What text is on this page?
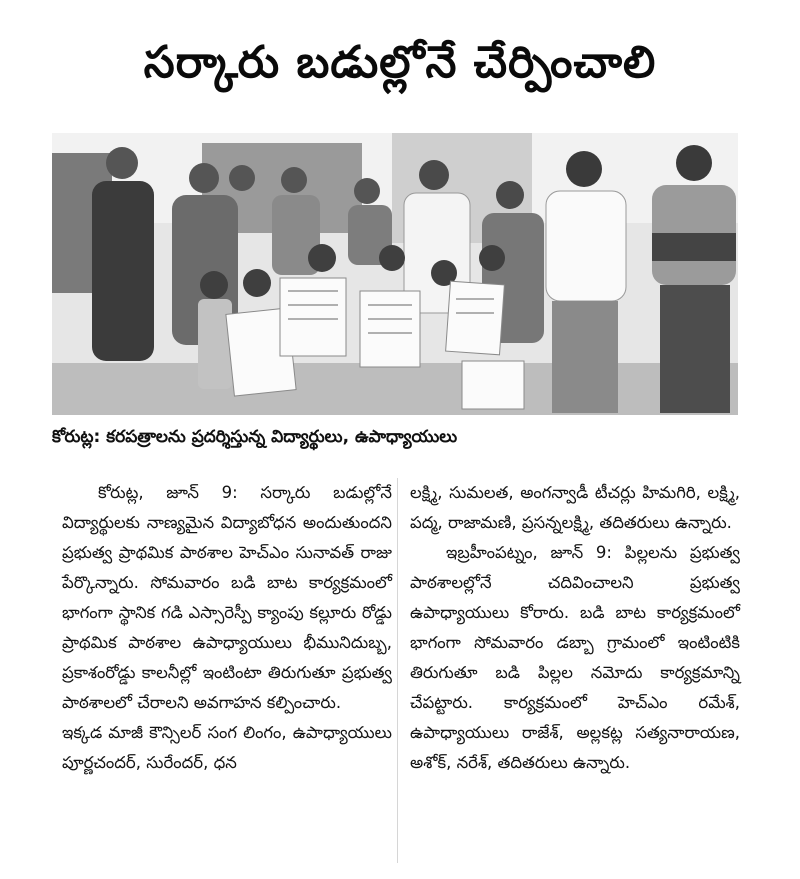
సర్కారు బడుల్లోనే చేర్పించాలి
కోరుట్ల: కరపత్రాలను ప్రదర్శిస్తున్న విద్యార్థులు, ఉపాధ్యాయులు

కోరుట్ల, జూన్ 9: సర్కారు బడుల్లోనే విద్యార్థులకు నాణ్యమైన విద్యాబోధన అందుతుందని ప్రభుత్వ ప్రాథమిక పాఠశాల హెచ్ఎం సునావత్ రాజు పేర్కొన్నారు. సోమవారం బడి బాట కార్యక్రమంలో భాగంగా స్థానిక గడి ఎస్సారెస్పీ క్యాంపు కల్లూరు రోడ్డు ప్రాథమిక పాఠశాల ఉపాధ్యాయులు భీమునిదుబ్బ, ప్రకాశంరోడ్డు కాలనీల్లో ఇంటింటా తిరుగుతూ ప్రభుత్వ పాఠశాలలో చేరాలని అవగాహన కల్పించారు.

ఇక్కడ మాజీ కౌన్సిలర్ సంగ లింగం, ఉపాధ్యాయులు పూర్ణచందర్, సురేందర్, ధన

లక్ష్మి, సుమలత, అంగన్వాడీ టీచర్లు హిమగిరి, లక్ష్మి, పద్మ, రాజామణి, ప్రసన్నలక్ష్మి, తదితరులు ఉన్నారు.

ఇబ్రహీంపట్నం, జూన్ 9: పిల్లలను ప్రభుత్వ పాఠశాలల్లోనే చదివించాలని ప్రభుత్వ ఉపాధ్యాయులు కోరారు. బడి బాట కార్యక్రమంలో భాగంగా సోమవారం డబ్బా గ్రామంలో ఇంటింటికి తిరుగుతూ బడి పిల్లల నమోదు కార్యక్రమాన్ని చేపట్టారు. కార్యక్రమంలో హెచ్ఎం రమేశ్, ఉపాధ్యాయులు రాజేశ్, అల్లకట్ల సత్యనారాయణ, అశోక్, నరేశ్, తదితరులు ఉన్నారు.
